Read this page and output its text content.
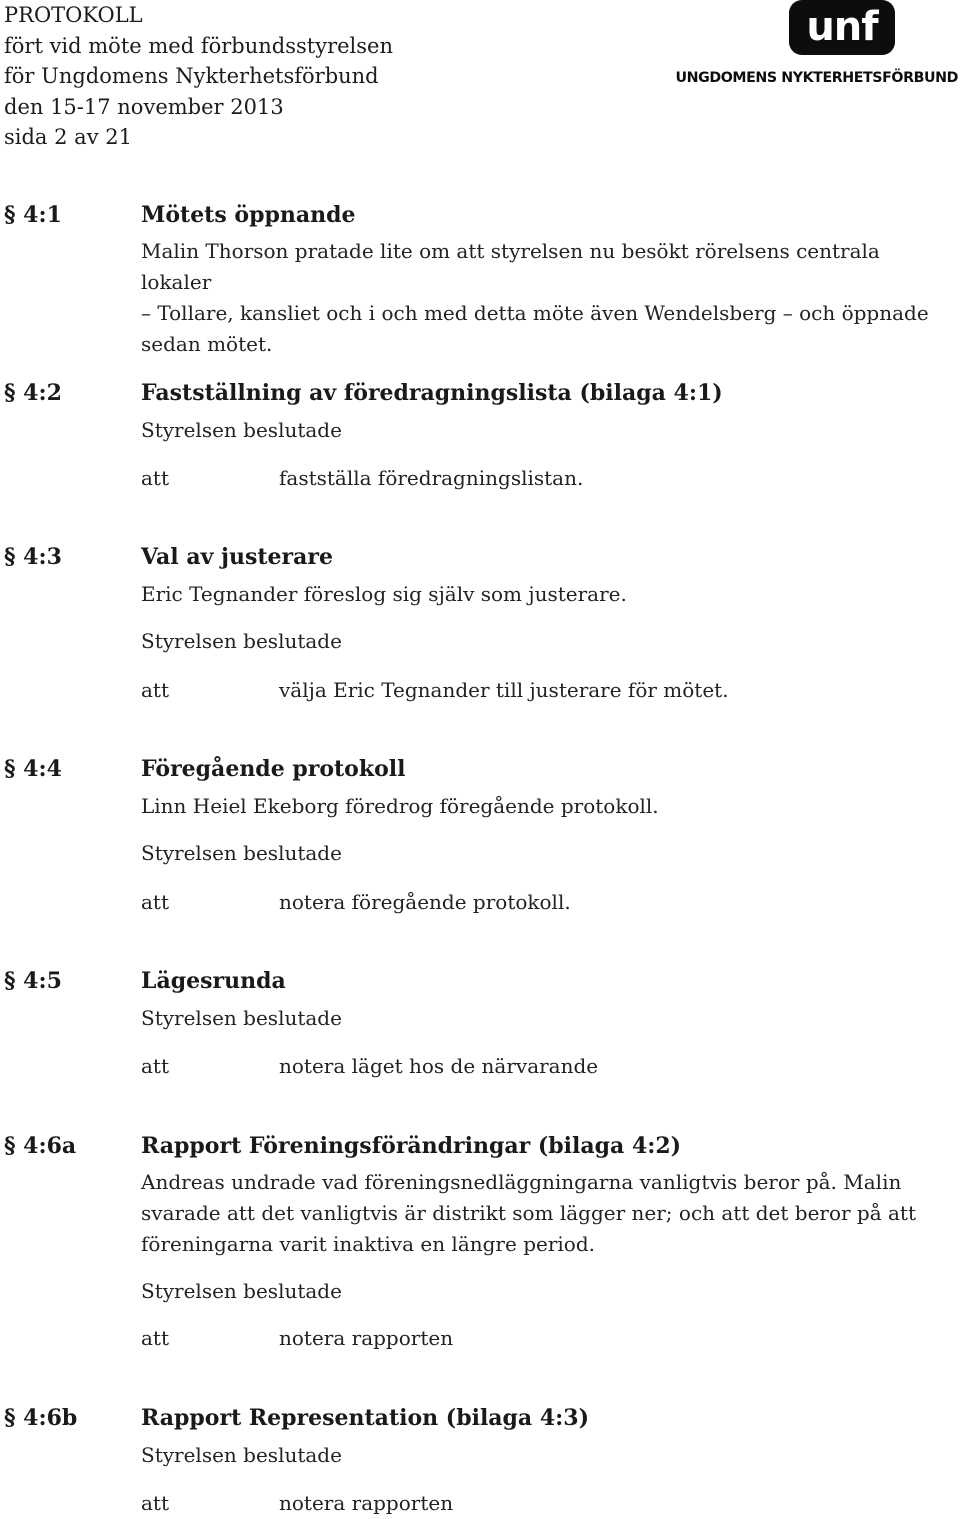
PROTOKOLL
fört vid möte med förbundsstyrelsen
för Ungdomens Nykterhetsförbund
den 15-17 november 2013
sida 2 av 21
unf
UNGDOMENS NYKTERHETSFÖRBUND
§ 4:1	Mötets öppnande
Malin Thorson pratade lite om att styrelsen nu besökt rörelsens centrala lokaler
– Tollare, kansliet och i och med detta möte även Wendelsberg – och öppnade
sedan mötet.
§ 4:2	Fastställning av föredragningslista (bilaga 4:1)
Styrelsen beslutade
att	fastställa föredragningslistan.
§ 4:3	Val av justerare
Eric Tegnander föreslog sig själv som justerare.
Styrelsen beslutade
att	välja Eric Tegnander till justerare för mötet.
§ 4:4	Föregående protokoll
Linn Heiel Ekeborg föredrog föregående protokoll.
Styrelsen beslutade
att	notera föregående protokoll.
§ 4:5	Lägesrunda
Styrelsen beslutade
att	notera läget hos de närvarande
§ 4:6a	Rapport Föreningsförändringar (bilaga 4:2)
Andreas undrade vad föreningsnedläggningarna vanligtvis beror på. Malin
svarade att det vanligtvis är distrikt som lägger ner; och att det beror på att
föreningarna varit inaktiva en längre period.
Styrelsen beslutade
att	notera rapporten
§ 4:6b	Rapport Representation (bilaga 4:3)
Styrelsen beslutade
att	notera rapporten
